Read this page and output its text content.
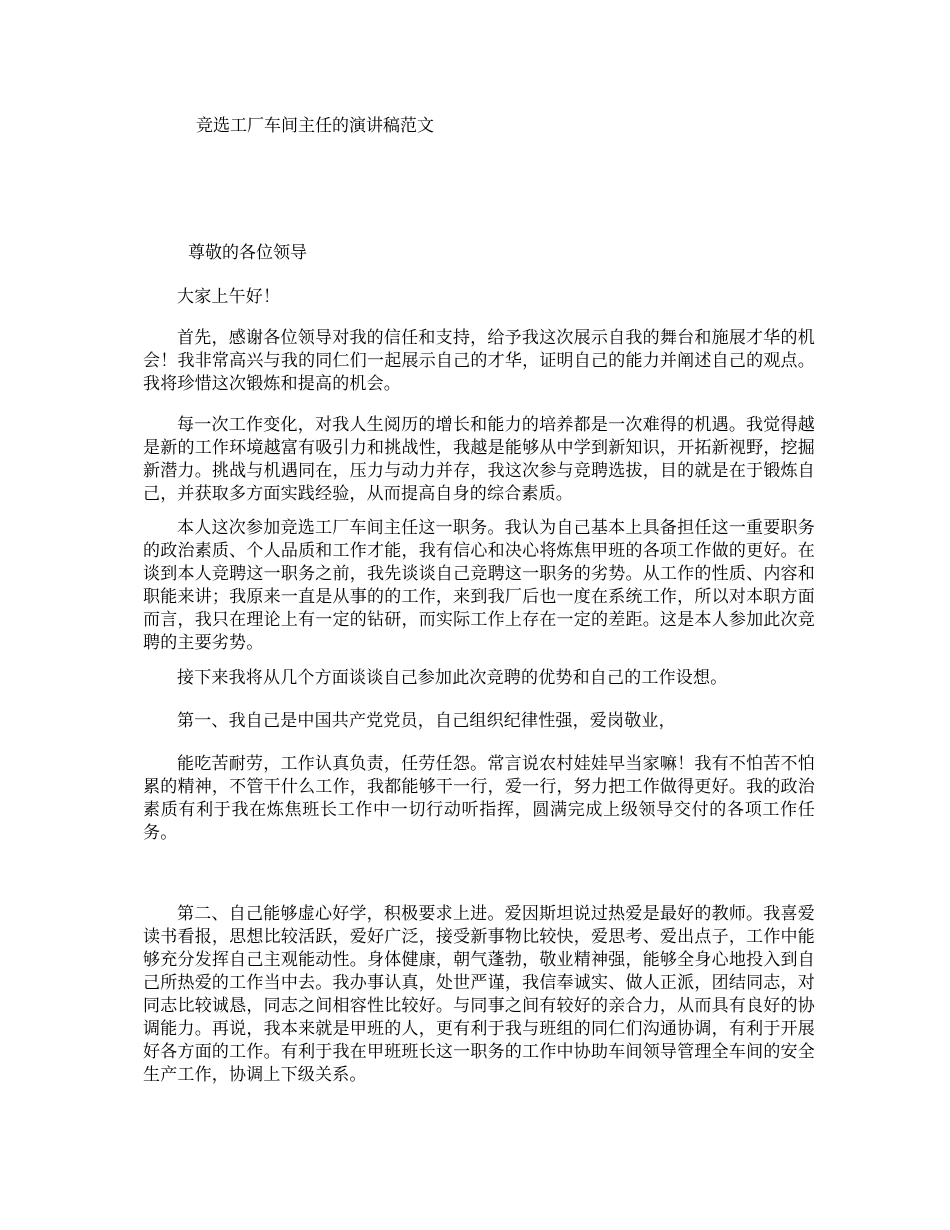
竞选工厂车间主任的演讲稿范文

尊敬的各位领导

大家上午好！

首先，感谢各位领导对我的信任和支持，给予我这次展示自我的舞台和施展才华的机会！我非常高兴与我的同仁们一起展示自己的才华，证明自己的能力并阐述自己的观点。我将珍惜这次锻炼和提高的机会。

每一次工作变化，对我人生阅历的增长和能力的培养都是一次难得的机遇。我觉得越是新的工作环境越富有吸引力和挑战性，我越是能够从中学到新知识，开拓新视野，挖掘新潜力。挑战与机遇同在，压力与动力并存，我这次参与竞聘选拔，目的就是在于锻炼自己，并获取多方面实践经验，从而提高自身的综合素质。

本人这次参加竞选工厂车间主任这一职务。我认为自己基本上具备担任这一重要职务的政治素质、个人品质和工作才能，我有信心和决心将炼焦甲班的各项工作做的更好。在谈到本人竞聘这一职务之前，我先谈谈自己竞聘这一职务的劣势。从工作的性质、内容和职能来讲；我原来一直是从事的的工作，来到我厂后也一度在系统工作，所以对本职方面而言，我只在理论上有一定的钻研，而实际工作上存在一定的差距。这是本人参加此次竞聘的主要劣势。

接下来我将从几个方面谈谈自己参加此次竞聘的优势和自己的工作设想。

第一、我自己是中国共产党党员，自己组织纪律性强，爱岗敬业，

能吃苦耐劳，工作认真负责，任劳任怨。常言说农村娃娃早当家嘛！我有不怕苦不怕累的精神，不管干什么工作，我都能够干一行，爱一行，努力把工作做得更好。我的政治素质有利于我在炼焦班长工作中一切行动听指挥，圆满完成上级领导交付的各项工作任务。

第二、自己能够虚心好学，积极要求上进。爱因斯坦说过热爱是最好的教师。我喜爱读书看报，思想比较活跃，爱好广泛，接受新事物比较快，爱思考、爱出点子，工作中能够充分发挥自己主观能动性。身体健康，朝气蓬勃，敬业精神强，能够全身心地投入到自己所热爱的工作当中去。我办事认真，处世严谨，我信奉诚实、做人正派，团结同志，对同志比较诚恳，同志之间相容性比较好。与同事之间有较好的亲合力，从而具有良好的协调能力。再说，我本来就是甲班的人，更有利于我与班组的同仁们沟通协调，有利于开展好各方面的工作。有利于我在甲班班长这一职务的工作中协助车间领导管理全车间的安全生产工作，协调上下级关系。
